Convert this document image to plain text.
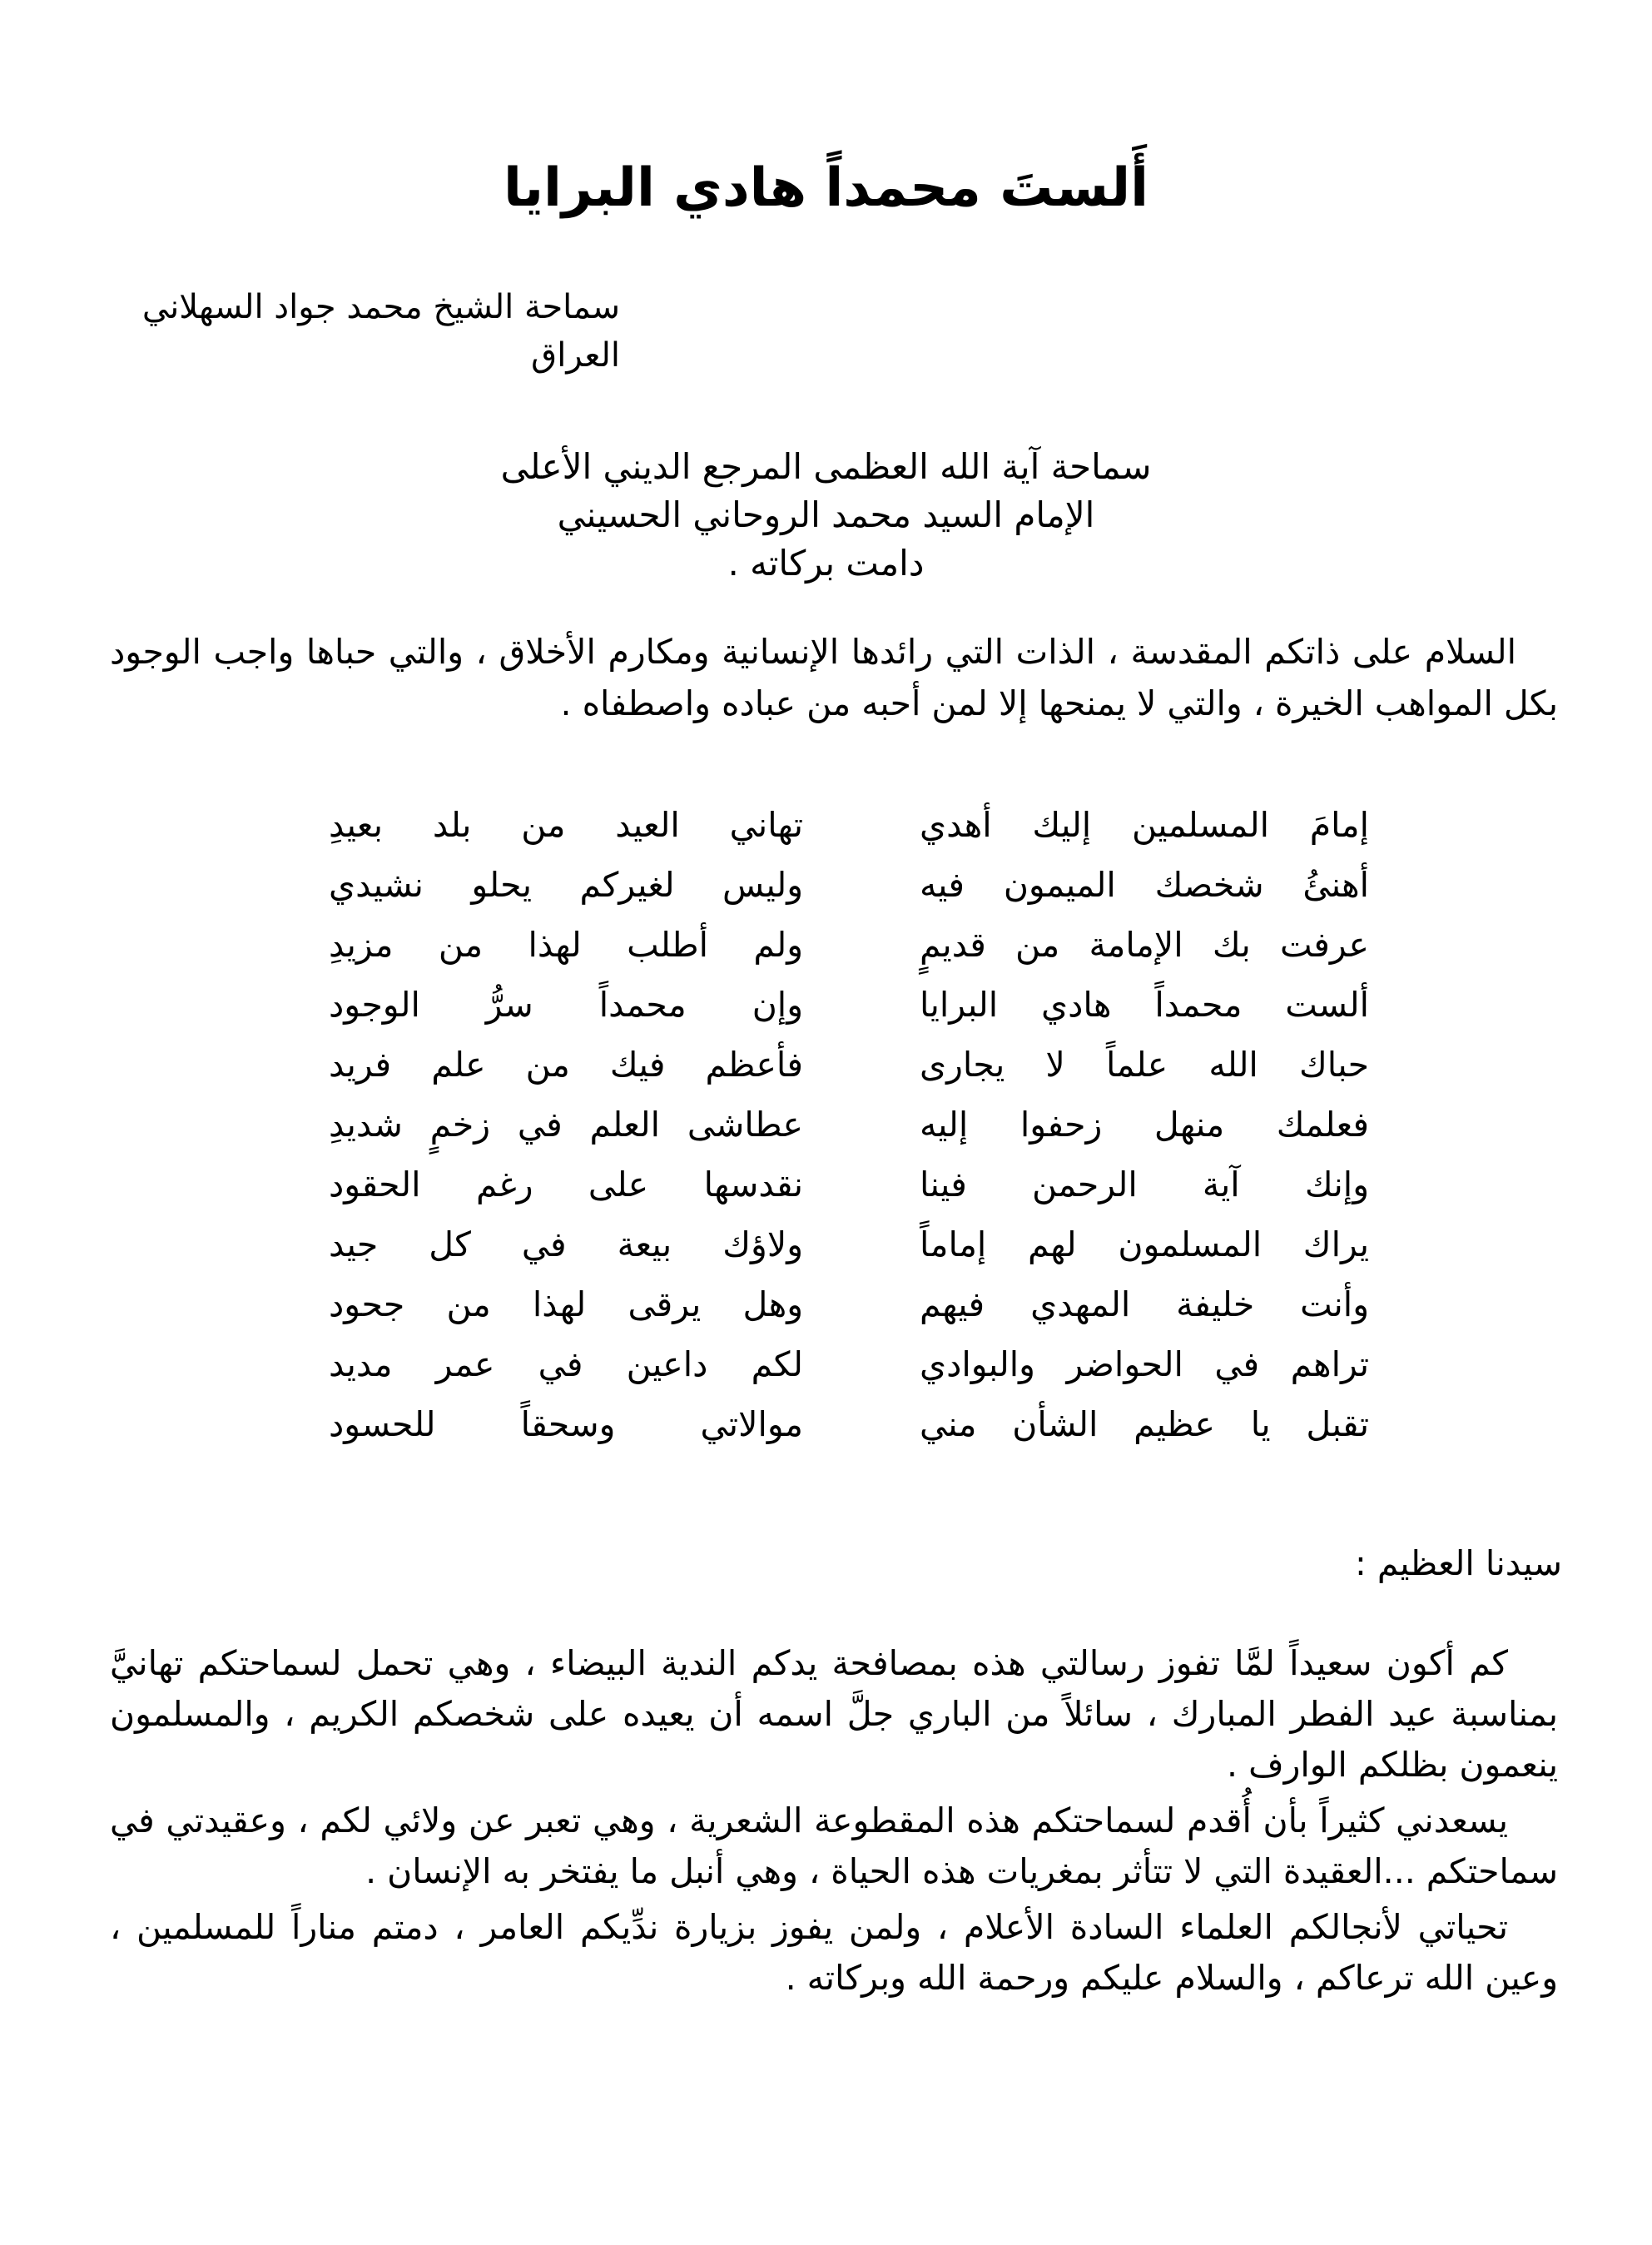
أَلستَ محمداً هادي البرايا
سماحة الشيخ محمد جواد السهلاني
العراق
سماحة آية الله العظمى المرجع الديني الأعلى
الإمام السيد محمد الروحاني الحسيني
دامت بركاته .

السلام على ذاتكم المقدسة ، الذات التي رائدها الإنسانية ومكارم الأخلاق ، والتي حباها واجب الوجود بكل المواهب الخيرة ، والتي لا يمنحها إلا لمن أحبه من عباده واصطفاه .

إمامَ المسلمين إليك أهدي
تهاني العيد من بلد بعيدِ
أهنئُ شخصك الميمون فيه
وليس لغيركم يحلو نشيدي
عرفت بك الإمامة من قديمٍ
ولم أطلب لهذا من مزيدِ
ألست محمداً هادي البرايا
وإن محمداً سرُّ الوجود
حباك الله علماً لا يجارى
فأعظم فيك من علم فريد
فعلمك منهل زحفوا إليه
عطاشى العلم في زخمٍ شديدِ
وإنك آية الرحمن فينا
نقدسها على رغم الحقود
يراك المسلمون لهم إماماً
ولاؤك بيعة في كل جيد
وأنت خليفة المهدي فيهم
وهل يرقى لهذا من جحود
تراهم في الحواضر والبوادي
لكم داعين في عمر مديد
تقبل يا عظيم الشأن مني
موالاتي وسحقاً للحسود
سيدنا العظيم :

كم أكون سعيداً لمَّا تفوز رسالتي هذه بمصافحة يدكم الندية البيضاء ، وهي تحمل لسماحتكم تهانيَّ بمناسبة عيد الفطر المبارك ، سائلاً من الباري جلَّ اسمه أن يعيده على شخصكم الكريم ، والمسلمون ينعمون بظلكم الوارف .

يسعدني كثيراً بأن أُقدم لسماحتكم هذه المقطوعة الشعرية ، وهي تعبر عن ولائي لكم ، وعقيدتي في سماحتكم ...العقيدة التي لا تتأثر بمغريات هذه الحياة ، وهي أنبل ما يفتخر به الإنسان .

تحياتي لأنجالكم العلماء السادة الأعلام ، ولمن يفوز بزيارة ندِّيكم العامر ، دمتم مناراً للمسلمين ، وعين الله ترعاكم ، والسلام عليكم ورحمة الله وبركاته .
